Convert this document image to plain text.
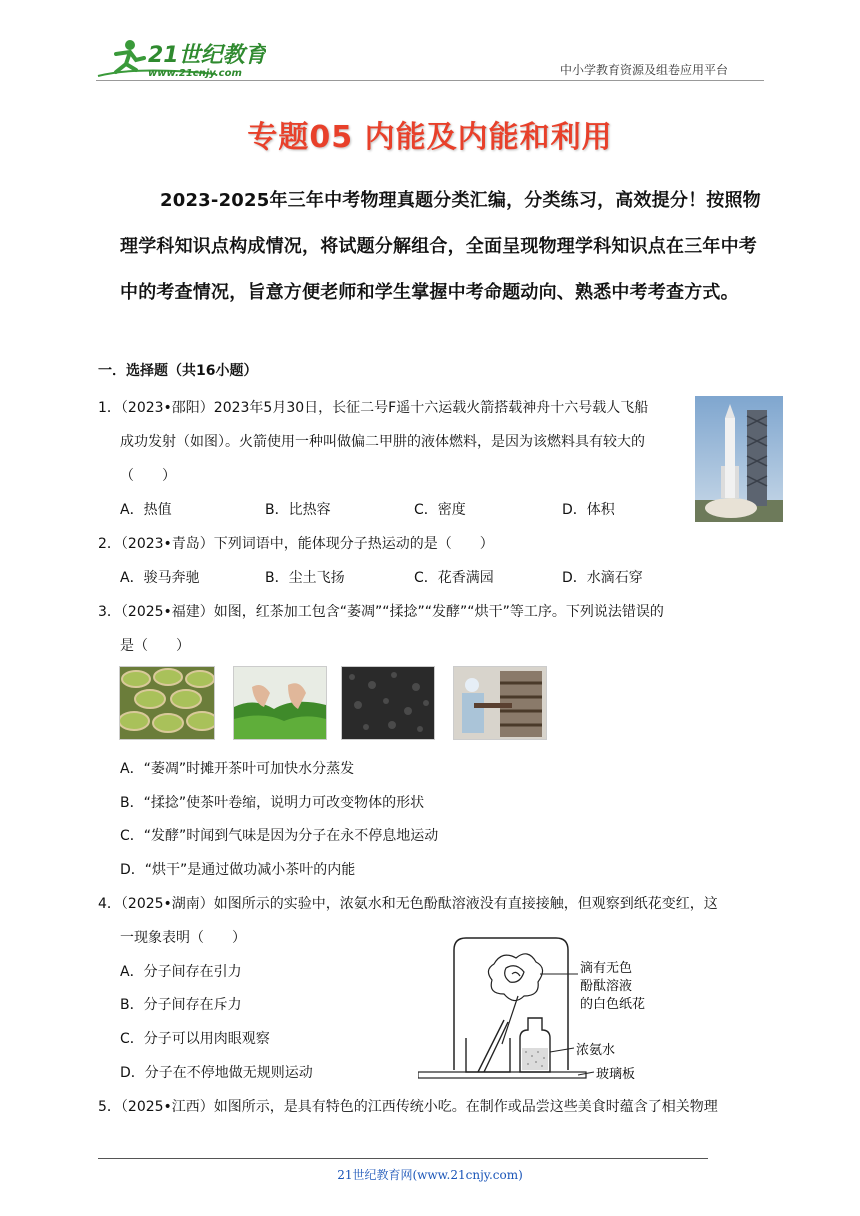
21世纪教育
www.21cnjy.com	中小学教育资源及组卷应用平台
专题05 内能及内能和利用
2023-2025年三年中考物理真题分类汇编，分类练习，高效提分！按照物理学科知识点构成情况，将试题分解组合，全面呈现物理学科知识点在三年中考中的考查情况，旨意方便老师和学生掌握中考命题动向、熟悉中考考查方式。
一．选择题（共16小题）
1．（2023•邵阳）2023年5月30日，长征二号F遥十六运载火箭搭载神舟十六号载人飞船
成功发射（如图）。火箭使用一种叫做偏二甲肼的液体燃料，是因为该燃料具有较大的
（　　）
A．热值	B．比热容	C．密度	D．体积
2．（2023•青岛）下列词语中，能体现分子热运动的是（　　）
A．骏马奔驰	B．尘土飞扬	C．花香满园	D．水滴石穿
3．（2025•福建）如图，红茶加工包含“萎凋”“揉捻”“发酵”“烘干”等工序。下列说法错误的
是（　　）
A．“萎凋”时摊开茶叶可加快水分蒸发
B．“揉捻”使茶叶卷缩，说明力可改变物体的形状
C．“发酵”时闻到气味是因为分子在永不停息地运动
D．“烘干”是通过做功减小茶叶的内能
4．（2025•湖南）如图所示的实验中，浓氨水和无色酚酞溶液没有直接接触，但观察到纸花变红，这
一现象表明（　　）
A．分子间存在引力
B．分子间存在斥力
C．分子可以用肉眼观察
D．分子在不停地做无规则运动
滴有无色
酚酞溶液
的白色纸花
浓氨水
玻璃板
5．（2025•江西）如图所示，是具有特色的江西传统小吃。在制作或品尝这些美食时蕴含了相关物理
21世纪教育网(www.21cnjy.com)
